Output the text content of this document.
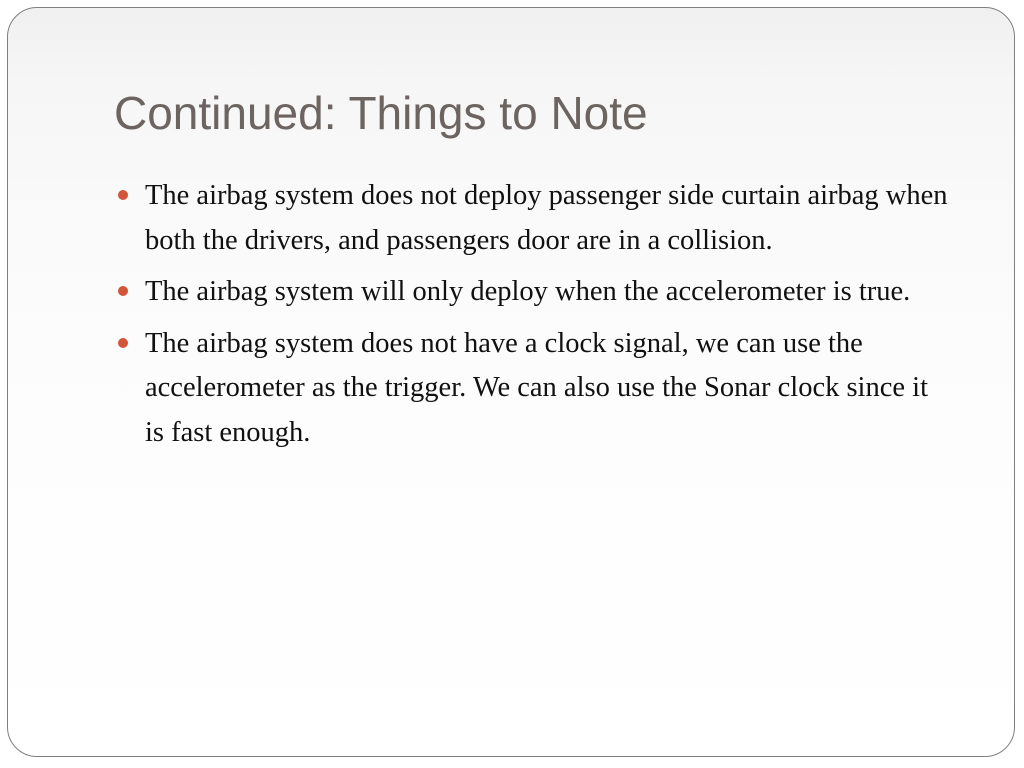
Continued: Things to Note
The airbag system does not deploy passenger side curtain airbag when both the drivers, and passengers door are in a collision.
The airbag system will only deploy when the accelerometer is true.
The airbag system does not have a clock signal, we can use the accelerometer as the trigger. We can also use the Sonar clock since it is fast enough.
